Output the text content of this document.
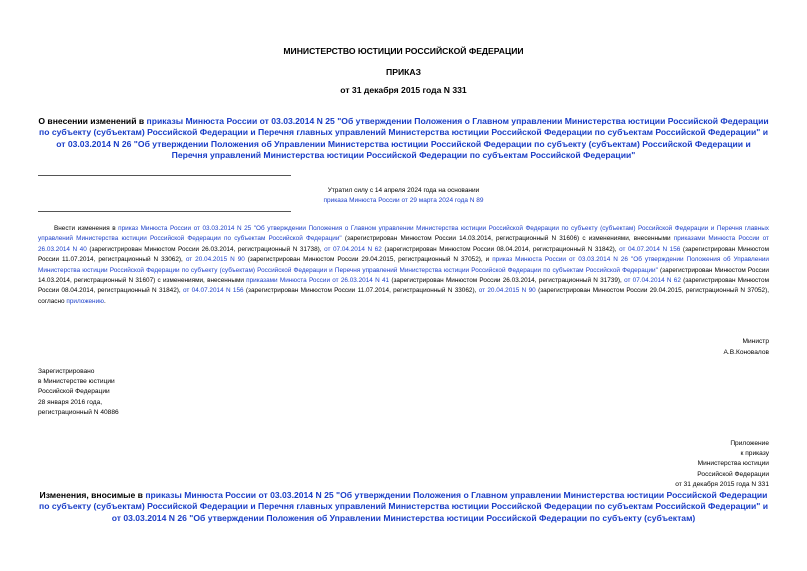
МИНИСТЕРСТВО ЮСТИЦИИ РОССИЙСКОЙ ФЕДЕРАЦИИ
ПРИКАЗ
от 31 декабря 2015 года N 331
О внесении изменений в приказы Минюста России от 03.03.2014 N 25 "Об утверждении Положения о Главном управлении Министерства юстиции Российской Федерации по субъекту (субъектам) Российской Федерации и Перечня главных управлений Министерства юстиции Российской Федерации по субъектам Российской Федерации" и от 03.03.2014 N 26 "Об утверждении Положения об Управлении Министерства юстиции Российской Федерации по субъекту (субъектам) Российской Федерации и Перечня управлений Министерства юстиции Российской Федерации по субъектам Российской Федерации"
Утратил силу с 14 апреля 2024 года на основании
приказа Минюста России от 29 марта 2024 года N 89
Внести изменения в приказ Минюста России от 03.03.2014 N 25 "Об утверждении Положения о Главном управлении Министерства юстиции Российской Федерации по субъекту (субъектам) Российской Федерации и Перечня главных управлений Министерства юстиции Российской Федерации по субъектам Российской Федерации" (зарегистрирован Минюстом России 14.03.2014, регистрационный N 31606) с изменениями, внесенными приказами Минюста России от 26.03.2014 N 40 (зарегистрирован Минюстом России 26.03.2014, регистрационный N 31738), от 07.04.2014 N 62 (зарегистрирован Минюстом России 08.04.2014, регистрационный N 31842), от 04.07.2014 N 156 (зарегистрирован Минюстом России 11.07.2014, регистрационный N 33062), от 20.04.2015 N 90 (зарегистрирован Минюстом России 29.04.2015, регистрационный N 37052), и приказ Минюста России от 03.03.2014 N 26 "Об утверждении Положения об Управлении Министерства юстиции Российской Федерации по субъекту (субъектам) Российской Федерации и Перечня управлений Министерства юстиции Российской Федерации по субъектам Российской Федерации" (зарегистрирован Минюстом России 14.03.2014, регистрационный N 31607) с изменениями, внесенными приказами Минюста России от 26.03.2014 N 41 (зарегистрирован Минюстом России 26.03.2014, регистрационный N 31739), от 07.04.2014 N 62 (зарегистрирован Минюстом России 08.04.2014, регистрационный N 31842), от 04.07.2014 N 156 (зарегистрирован Минюстом России 11.07.2014, регистрационный N 33062), от 20.04.2015 N 90 (зарегистрирован Минюстом России 29.04.2015, регистрационный N 37052), согласно приложению.
Министр
А.В.Коновалов
Зарегистрировано
в Министерстве юстиции
Российской Федерации
28 января 2016 года,
регистрационный N 40886
Приложение
к приказу
Министерства юстиции
Российской Федерации
от 31 декабря 2015 года N 331
Изменения, вносимые в приказы Минюста России от 03.03.2014 N 25 "Об утверждении Положения о Главном управлении Министерства юстиции Российской Федерации по субъекту (субъектам) Российской Федерации и Перечня главных управлений Министерства юстиции Российской Федерации по субъектам Российской Федерации" и от 03.03.2014 N 26 "Об утверждении Положения об Управлении Министерства юстиции Российской Федерации по субъекту (субъектам)
